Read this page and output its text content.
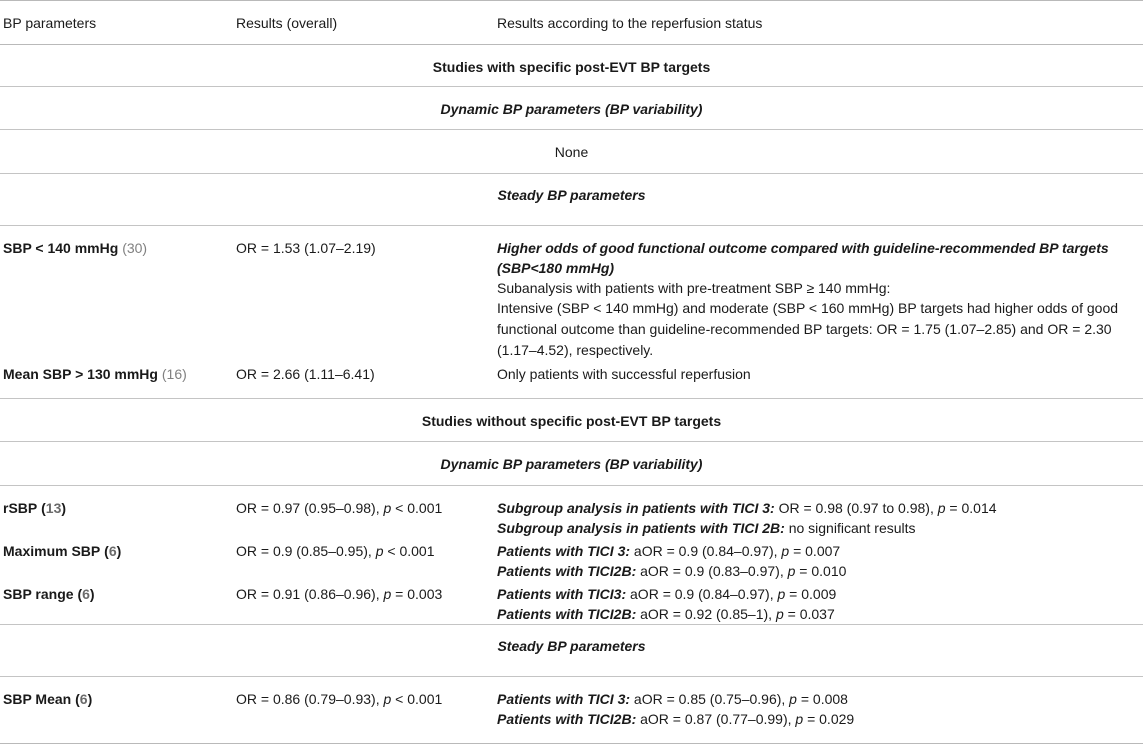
BP parameters	Results (overall)	Results according to the reperfusion status
Studies with specific post-EVT BP targets		
Dynamic BP parameters (BP variability)		
None		
Steady BP parameters		
SBP < 140 mmHg (30)	OR = 1.53 (1.07–2.19)	Higher odds of good functional outcome compared with guideline-recommended BP targets (SBP<180 mmHg)
Subanalysis with patients with pre-treatment SBP ≥ 140 mmHg:
Intensive (SBP < 140 mmHg) and moderate (SBP < 160 mmHg) BP targets had higher odds of good functional outcome than guideline-recommended BP targets: OR = 1.75 (1.07–2.85) and OR = 2.30 (1.17–4.52), respectively.

Mean SBP > 130 mmHg (16)	OR = 2.66 (1.11–6.41)	Only patients with successful reperfusion
Studies without specific post-EVT BP targets		
Dynamic BP parameters (BP variability)		
rSBP (13)	OR = 0.97 (0.95–0.98), p < 0.001	Subgroup analysis in patients with TICI 3: OR = 0.98 (0.97 to 0.98), p = 0.014
Subgroup analysis in patients with TICI 2B: no significant results

Maximum SBP (6)	OR = 0.9 (0.85–0.95), p < 0.001	Patients with TICI 3: aOR = 0.9 (0.84–0.97), p = 0.007
Patients with TICI2B: aOR = 0.9 (0.83–0.97), p = 0.010

SBP range (6)	OR = 0.91 (0.86–0.96), p = 0.003	Patients with TICI3: aOR = 0.9 (0.84–0.97), p = 0.009
Patients with TICI2B: aOR = 0.92 (0.85–1), p = 0.037

Steady BP parameters		
SBP Mean (6)	OR = 0.86 (0.79–0.93), p < 0.001	Patients with TICI 3: aOR = 0.85 (0.75–0.96), p = 0.008
Patients with TICI2B: aOR = 0.87 (0.77–0.99), p = 0.029
